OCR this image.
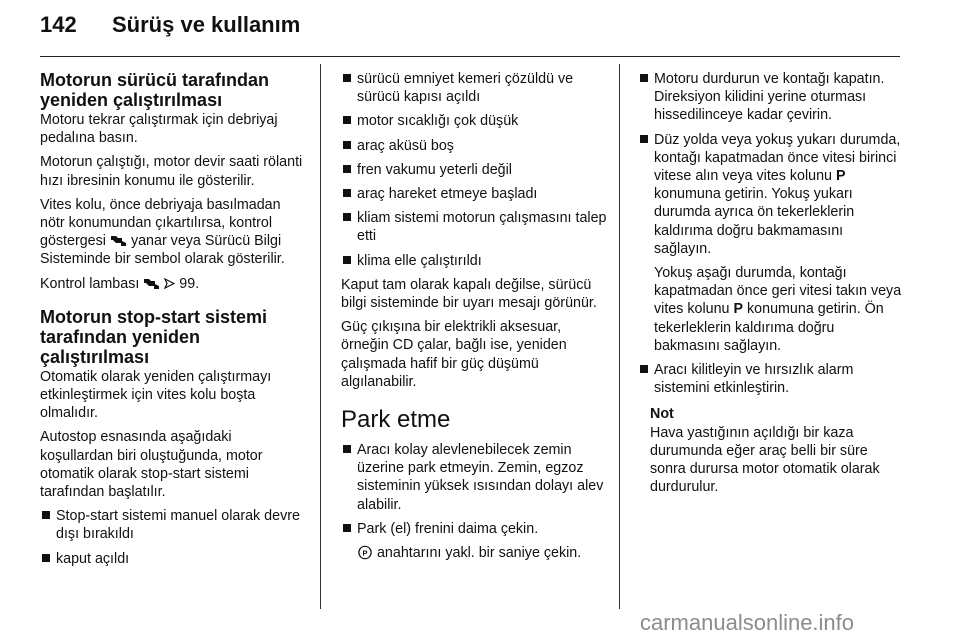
142	Sürüş ve kullanım
Motorun sürücü tarafından yeniden çalıştırılması

Motoru tekrar çalıştırmak için debriyaj pedalına basın.

Motorun çalıştığı, motor devir saati rölanti hızı ibresinin konumu ile gösterilir.

Vites kolu, önce debriyaja basılmadan nötr konumundan çıkartılırsa, kontrol göstergesi yanar veya Sürücü Bilgi Sisteminde bir sembol olarak gösterilir.

Kontrol lambası	99.

Motorun stop-start sistemi tarafından yeniden çalıştırılması

Otomatik olarak yeniden çalıştırmayı etkinleştirmek için vites kolu boşta olmalıdır.

Autostop esnasında aşağıdaki koşullardan biri oluştuğunda, motor otomatik olarak stop-start sistemi tarafından başlatılır.

Stop-start sistemi manuel olarak devre dışı bırakıldı
kaput açıldı
sürücü emniyet kemeri çözüldü ve sürücü kapısı açıldı
motor sıcaklığı çok düşük
araç aküsü boş
fren vakumu yeterli değil
araç hareket etmeye başladı
kliam sistemi motorun çalışmasını talep etti
klima elle çalıştırıldı

Kaput tam olarak kapalı değilse, sürücü bilgi sisteminde bir uyarı mesajı görünür.

Güç çıkışına bir elektrikli aksesuar, örneğin CD çalar, bağlı ise, yeniden çalışmada hafif bir güç düşümü algılanabilir.

Park etme
Aracı kolay alevlenebilecek zemin üzerine park etmeyin. Zemin, egzoz sisteminin yüksek ısısından dolayı alev alabilir.
Park (el) frenini daima çekin.
P anahtarını yakl. bir saniye çekin.
Motoru durdurun ve kontağı kapatın. Direksiyon kilidini yerine oturması hissedilinceye kadar çevirin.
Düz yolda veya yokuş yukarı durumda, kontağı kapatmadan önce vitesi birinci vitese alın veya vites kolunu P konumuna getirin. Yokuş yukarı durumda ayrıca ön tekerleklerin kaldırıma doğru bakmamasını sağlayın.
Yokuş aşağı durumda, kontağı kapatmadan önce geri vitesi takın veya vites kolunu P konumuna getirin. Ön tekerleklerin kaldırıma doğru bakmasını sağlayın.
Aracı kilitleyin ve hırsızlık alarm sistemini etkinleştirin.
Not
Hava yastığının açıldığı bir kaza durumunda eğer araç belli bir süre sonra durursa motor otomatik olarak durdurulur.
carmanualsonline.info
